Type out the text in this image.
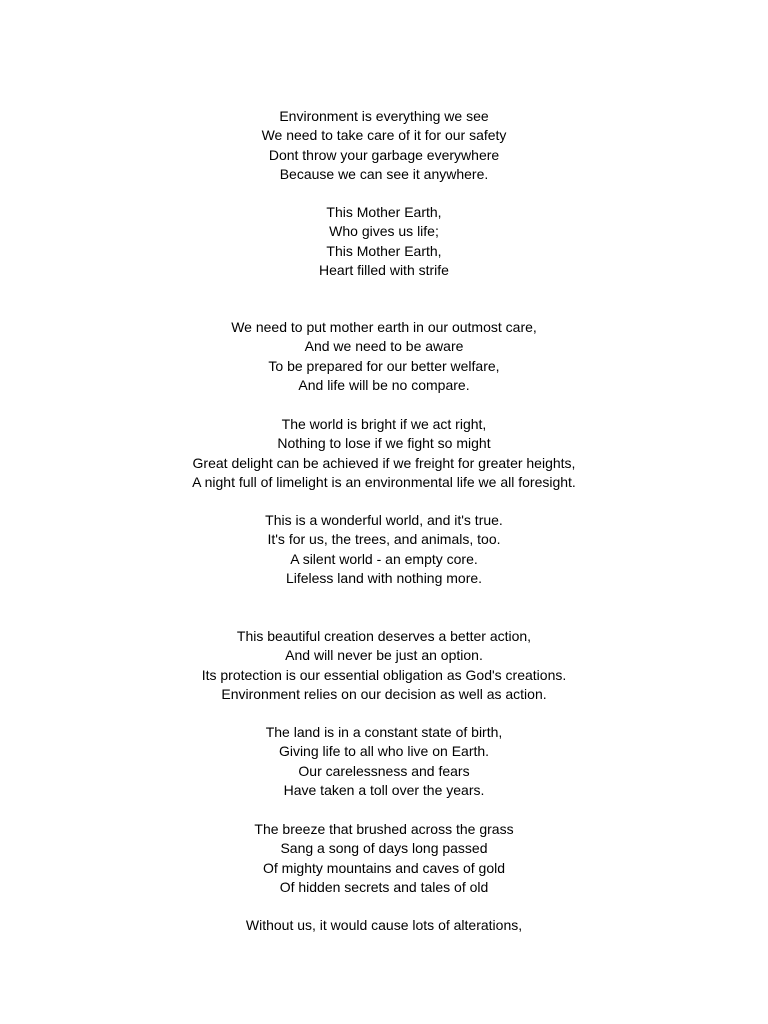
Environment is everything we see
We need to take care of it for our safety
Dont throw your garbage everywhere
Because we can see it anywhere.
This Mother Earth,
Who gives us life;
This Mother Earth,
Heart filled with strife
We need to put mother earth in our outmost care,
And we need to be aware
To be prepared for our better welfare,
And life will be no compare.
The world is bright if we act right,
Nothing to lose if we fight so might
Great delight can be achieved if we freight for greater heights,
A night full of limelight is an environmental life we all foresight.
This is a wonderful world, and it's true.
It's for us, the trees, and animals, too.
A silent world - an empty core.
Lifeless land with nothing more.
This beautiful creation deserves a better action,
And will never be just an option.
Its protection is our essential obligation as God's creations.
Environment relies on our decision as well as action.
The land is in a constant state of birth,
Giving life to all who live on Earth.
Our carelessness and fears
Have taken a toll over the years.
The breeze that brushed across the grass
Sang a song of days long passed
Of mighty mountains and caves of gold
Of hidden secrets and tales of old
Without us, it would cause lots of alterations,
